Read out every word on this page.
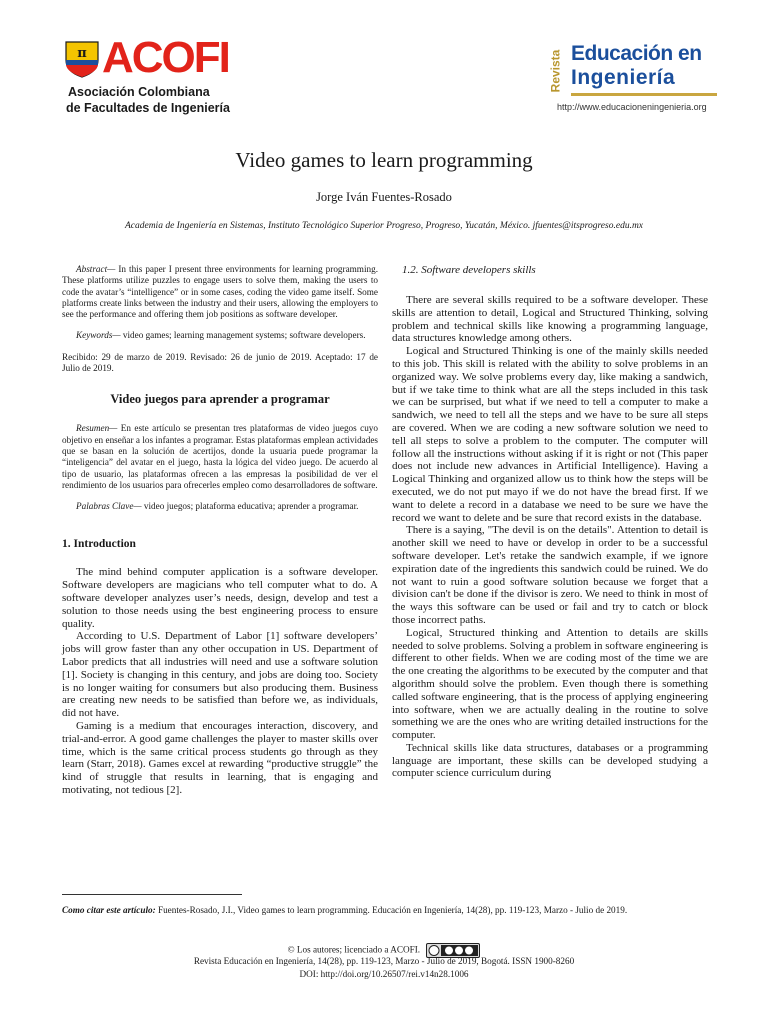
π ACOFI
Asociación Colombiana
de Facultades de Ingeniería
Revista Educación en
Ingeniería
http://www.educacioneningenieria.org
Video games to learn programming
Jorge Iván Fuentes-Rosado
Academia de Ingeniería en Sistemas, Instituto Tecnológico Superior Progreso, Progreso, Yucatán, México. jfuentes@itsprogreso.edu.mx

Abstract— In this paper I present three environments for learning programming. These platforms utilize puzzles to engage users to solve them, making the users to code the avatar’s “intelligence” or in some cases, coding the video game itself. Some platforms create links between the industry and their users, allowing the employers to see the performance and offering them job positions as software developer.

Keywords— video games; learning management systems; software developers.

Recibido: 29 de marzo de 2019. Revisado: 26 de junio de 2019. Aceptado: 17 de Julio de 2019.

Video juegos para aprender a programar

Resumen— En este artículo se presentan tres plataformas de video juegos cuyo objetivo en enseñar a los infantes a programar. Estas plataformas emplean actividades que se basan en la solución de acertijos, donde la usuaria puede programar la “inteligencia” del avatar en el juego, hasta la lógica del video juego. De acuerdo al tipo de usuario, las plataformas ofrecen a las empresas la posibilidad de ver el rendimiento de los usuarios para ofrecerles empleo como desarrolladores de software.

Palabras Clave— video juegos; plataforma educativa; aprender a programar.

1. Introduction

The mind behind computer application is a software developer. Software developers are magicians who tell computer what to do. A software developer analyzes user’s needs, design, develop and test a solution to those needs using the best engineering process to ensure quality.

According to U.S. Department of Labor [1] software developers’ jobs will grow faster than any other occupation in US. Department of Labor predicts that all industries will need and use a software solution [1]. Society is changing in this century, and jobs are doing too. Society is no longer waiting for consumers but also producing them. Business are creating new needs to be satisfied than before we, as individuals, did not have.

Gaming is a medium that encourages interaction, discovery, and trial-and-error. A good game challenges the player to master skills over time, which is the same critical process students go through as they learn (Starr, 2018). Games excel at rewarding “productive struggle” the kind of struggle that results in learning, that is engaging and motivating, not tedious [2].

1.2. Software developers skills

There are several skills required to be a software developer. These skills are attention to detail, Logical and Structured Thinking, solving problem and technical skills like knowing a programming language, data structures knowledge among others.

Logical and Structured Thinking is one of the mainly skills needed to this job. This skill is related with the ability to solve problems in an organized way. We solve problems every day, like making a sandwich, but if we take time to think what are all the steps included in this task we can be surprised, but what if we need to tell a computer to make a sandwich, we need to tell all the steps and we have to be sure all steps are covered. When we are coding a new software solution we need to tell all steps to solve a problem to the computer. The computer will follow all the instructions without asking if it is right or not (This paper does not include new advances in Artificial Intelligence). Having a Logical Thinking and organized allow us to think how the steps will be executed, we do not put mayo if we do not have the bread first. If we want to delete a record in a database we need to be sure we have the record we want to delete and be sure that record exists in the database.

There is a saying, "The devil is on the details". Attention to detail is another skill we need to have or develop in order to be a successful software developer. Let's retake the sandwich example, if we ignore expiration date of the ingredients this sandwich could be ruined. We do not want to ruin a good software solution because we forget that a division can't be done if the divisor is zero. We need to think in most of the ways this software can be used or fail and try to catch or block those incorrect paths.

Logical, Structured thinking and Attention to details are skills needed to solve problems. Solving a problem in software engineering is different to other fields. When we are coding most of the time we are the one creating the algorithms to be executed by the computer and that algorithm should solve the problem. Even though there is something called software engineering, that is the process of applying engineering into software, when we are actually dealing in the routine to solve something we are the ones who are writing detailed instructions for the computer.

Technical skills like data structures, databases or a programming language are important, these skills can be developed studying a computer science curriculum during

Como citar este artículo: Fuentes-Rosado, J.I., Video games to learn programming. Educación en Ingeniería, 14(28), pp. 119-123, Marzo - Julio de 2019.
© Los autores; licenciado a ACOFI.
Revista Educación en Ingeniería, 14(28), pp. 119-123, Marzo - Julio de 2019, Bogotá. ISSN 1900-8260
DOI: http://doi.org/10.26507/rei.v14n28.1006
